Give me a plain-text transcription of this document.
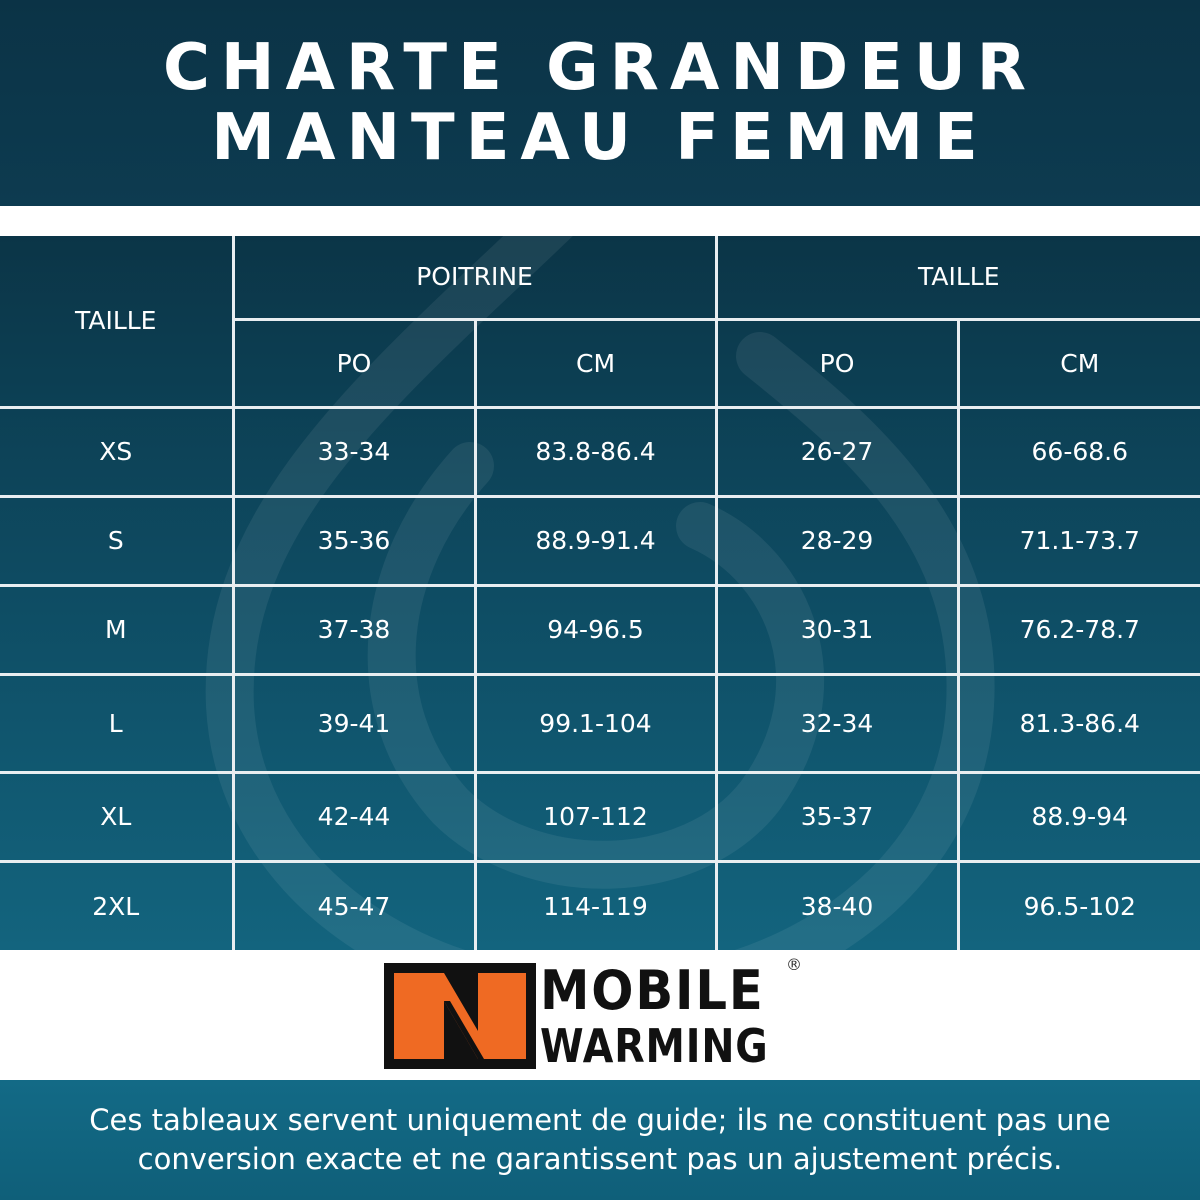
CHARTE GRANDEUR
MANTEAU FEMME
TAILLE	POITRINE		TAILLE	
	PO	CM	PO	CM
XS	33-34	83.8-86.4	26-27	66-68.6
S	35-36	88.9-91.4	28-29	71.1-73.7
M	37-38	94-96.5	30-31	76.2-78.7
L	39-41	99.1-104	32-34	81.3-86.4
XL	42-44	107-112	35-37	88.9-94
2XL	45-47	114-119	38-40	96.5-102
MOBILE
WARMING
®
Ces tableaux servent uniquement de guide; ils ne constituent pas une
conversion exacte et ne garantissent pas un ajustement précis.
